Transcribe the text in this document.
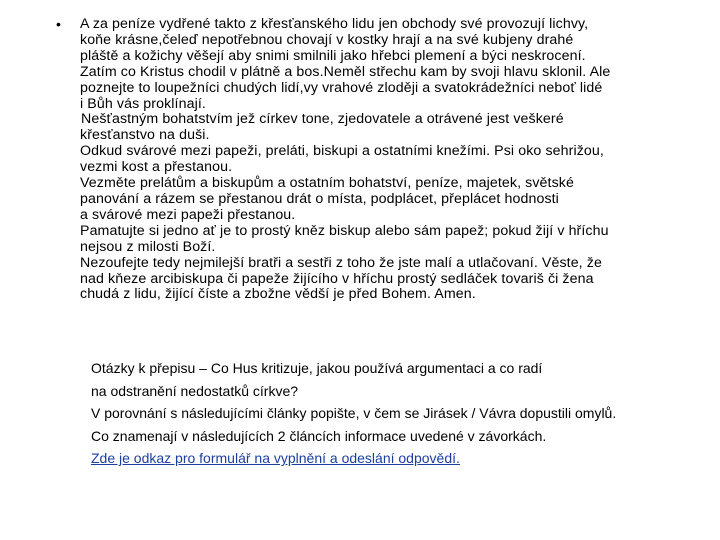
• A za peníze vydřené takto z křesťanského lidu jen obchody své provozují lichvy,
koňe krásne,čeleď nepotřebnou chovají v kostky hrají a na své kubjeny drahé
pláště a kožichy věšejí aby snimi smilnili jako hřebci plemení a býci neskrocení.
Zatím co Kristus chodil v plátně a bos.Neměl střechu kam by svoji hlavu sklonil. Ale
poznejte to loupežníci chudých lidí,vy vrahové zloději a svatokrádežníci neboť lidé
i Bůh vás proklínají.
Nešťastným bohatstvím jež církev tone, zjedovatele a otrávené jest veškeré
křesťanstvo na duši.
Odkud svárové mezi papeži, preláti, biskupi a ostatními knežími. Psi oko sehrižou,
vezmi kost a přestanou.
Vezměte prelátům a biskupům a ostatním bohatství, peníze, majetek, světské
panování a rázem se přestanou drát o místa, podplácet, přeplácet hodnosti
a svárové mezi papeži přestanou.
Pamatujte si jedno ať je to prostý kněz biskup alebo sám papež; pokud žijí v hříchu
nejsou z milosti Boží.
Nezoufejte tedy nejmilejší bratři a sestři z toho že jste malí a utlačovaní. Věste, že
nad kňeze arcibiskupa či papeže žijícího v hříchu prostý sedláček tovariš či žena
chudá z lidu, žijící číste a zbožne vědší je před Bohem. Amen.
Otázky k přepisu – Co Hus kritizuje, jakou používá argumentaci a co radí
na odstranění nedostatků církve?
V porovnání s následujícími články popište, v čem se Jirásek / Vávra dopustili omylů.
Co znamenají v následujících 2 článcích informace uvedené v závorkách.
Zde je odkaz pro formulář na vyplnění a odeslání odpovědí.
